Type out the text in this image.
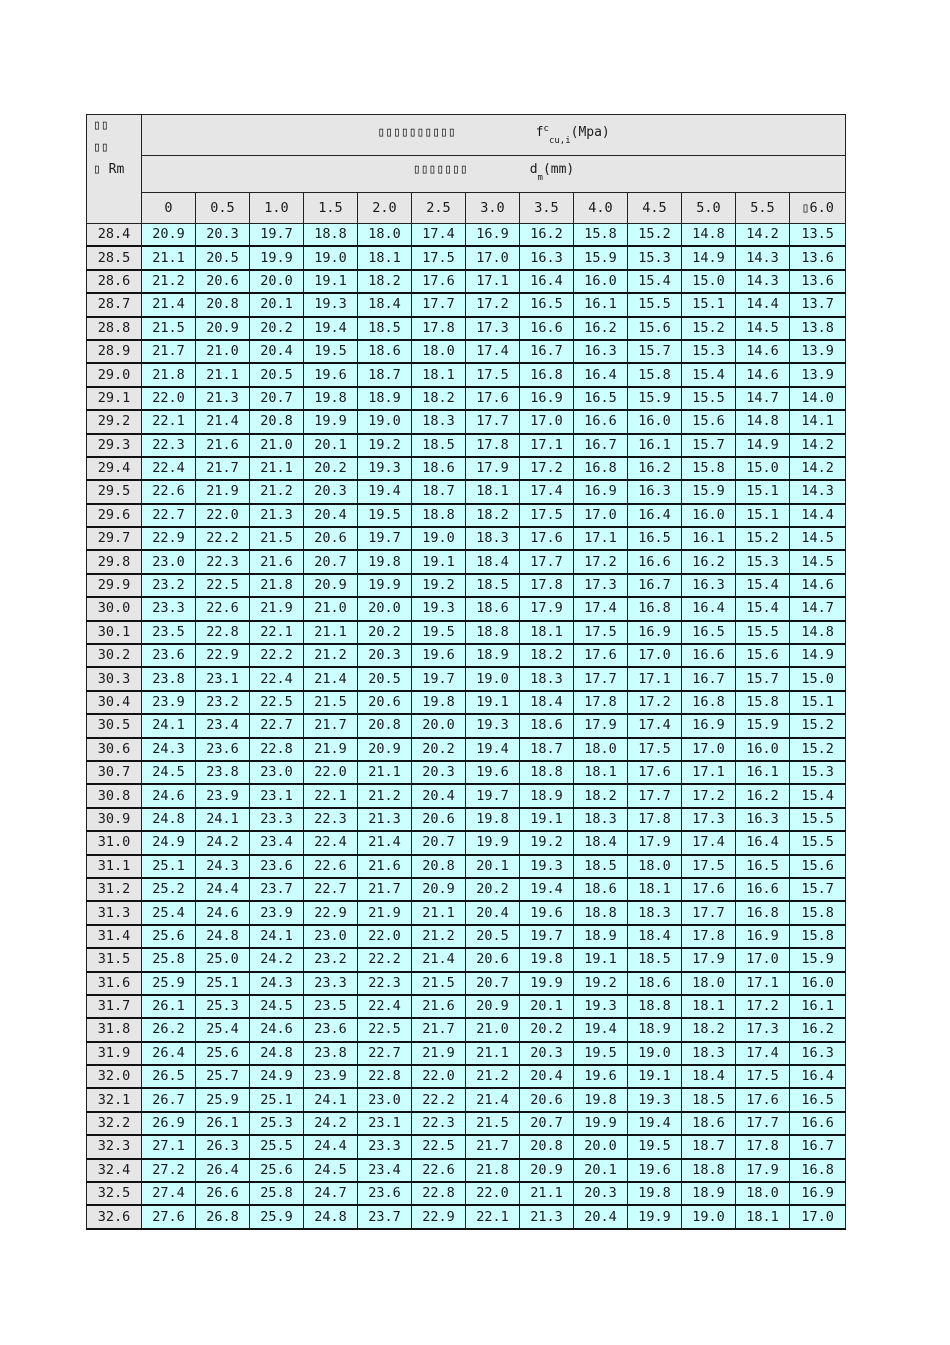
▯▯
▯▯
▯ Rm	▯▯▯▯▯▯▯▯▯▯ $f^c_{cu,i}(Mpa)$												
	▯▯▯▯▯▯▯ $d_m(mm)$												
	0	0.5	1.0	1.5	2.0	2.5	3.0	3.5	4.0	4.5	5.0	5.5	▯6.0
28.4	20.9	20.3	19.7	18.8	18.0	17.4	16.9	16.2	15.8	15.2	14.8	14.2	13.5
28.5	21.1	20.5	19.9	19.0	18.1	17.5	17.0	16.3	15.9	15.3	14.9	14.3	13.6
28.6	21.2	20.6	20.0	19.1	18.2	17.6	17.1	16.4	16.0	15.4	15.0	14.3	13.6
28.7	21.4	20.8	20.1	19.3	18.4	17.7	17.2	16.5	16.1	15.5	15.1	14.4	13.7
28.8	21.5	20.9	20.2	19.4	18.5	17.8	17.3	16.6	16.2	15.6	15.2	14.5	13.8
28.9	21.7	21.0	20.4	19.5	18.6	18.0	17.4	16.7	16.3	15.7	15.3	14.6	13.9
29.0	21.8	21.1	20.5	19.6	18.7	18.1	17.5	16.8	16.4	15.8	15.4	14.6	13.9
29.1	22.0	21.3	20.7	19.8	18.9	18.2	17.6	16.9	16.5	15.9	15.5	14.7	14.0
29.2	22.1	21.4	20.8	19.9	19.0	18.3	17.7	17.0	16.6	16.0	15.6	14.8	14.1
29.3	22.3	21.6	21.0	20.1	19.2	18.5	17.8	17.1	16.7	16.1	15.7	14.9	14.2
29.4	22.4	21.7	21.1	20.2	19.3	18.6	17.9	17.2	16.8	16.2	15.8	15.0	14.2
29.5	22.6	21.9	21.2	20.3	19.4	18.7	18.1	17.4	16.9	16.3	15.9	15.1	14.3
29.6	22.7	22.0	21.3	20.4	19.5	18.8	18.2	17.5	17.0	16.4	16.0	15.1	14.4
29.7	22.9	22.2	21.5	20.6	19.7	19.0	18.3	17.6	17.1	16.5	16.1	15.2	14.5
29.8	23.0	22.3	21.6	20.7	19.8	19.1	18.4	17.7	17.2	16.6	16.2	15.3	14.5
29.9	23.2	22.5	21.8	20.9	19.9	19.2	18.5	17.8	17.3	16.7	16.3	15.4	14.6
30.0	23.3	22.6	21.9	21.0	20.0	19.3	18.6	17.9	17.4	16.8	16.4	15.4	14.7
30.1	23.5	22.8	22.1	21.1	20.2	19.5	18.8	18.1	17.5	16.9	16.5	15.5	14.8
30.2	23.6	22.9	22.2	21.2	20.3	19.6	18.9	18.2	17.6	17.0	16.6	15.6	14.9
30.3	23.8	23.1	22.4	21.4	20.5	19.7	19.0	18.3	17.7	17.1	16.7	15.7	15.0
30.4	23.9	23.2	22.5	21.5	20.6	19.8	19.1	18.4	17.8	17.2	16.8	15.8	15.1
30.5	24.1	23.4	22.7	21.7	20.8	20.0	19.3	18.6	17.9	17.4	16.9	15.9	15.2
30.6	24.3	23.6	22.8	21.9	20.9	20.2	19.4	18.7	18.0	17.5	17.0	16.0	15.2
30.7	24.5	23.8	23.0	22.0	21.1	20.3	19.6	18.8	18.1	17.6	17.1	16.1	15.3
30.8	24.6	23.9	23.1	22.1	21.2	20.4	19.7	18.9	18.2	17.7	17.2	16.2	15.4
30.9	24.8	24.1	23.3	22.3	21.3	20.6	19.8	19.1	18.3	17.8	17.3	16.3	15.5
31.0	24.9	24.2	23.4	22.4	21.4	20.7	19.9	19.2	18.4	17.9	17.4	16.4	15.5
31.1	25.1	24.3	23.6	22.6	21.6	20.8	20.1	19.3	18.5	18.0	17.5	16.5	15.6
31.2	25.2	24.4	23.7	22.7	21.7	20.9	20.2	19.4	18.6	18.1	17.6	16.6	15.7
31.3	25.4	24.6	23.9	22.9	21.9	21.1	20.4	19.6	18.8	18.3	17.7	16.8	15.8
31.4	25.6	24.8	24.1	23.0	22.0	21.2	20.5	19.7	18.9	18.4	17.8	16.9	15.8
31.5	25.8	25.0	24.2	23.2	22.2	21.4	20.6	19.8	19.1	18.5	17.9	17.0	15.9
31.6	25.9	25.1	24.3	23.3	22.3	21.5	20.7	19.9	19.2	18.6	18.0	17.1	16.0
31.7	26.1	25.3	24.5	23.5	22.4	21.6	20.9	20.1	19.3	18.8	18.1	17.2	16.1
31.8	26.2	25.4	24.6	23.6	22.5	21.7	21.0	20.2	19.4	18.9	18.2	17.3	16.2
31.9	26.4	25.6	24.8	23.8	22.7	21.9	21.1	20.3	19.5	19.0	18.3	17.4	16.3
32.0	26.5	25.7	24.9	23.9	22.8	22.0	21.2	20.4	19.6	19.1	18.4	17.5	16.4
32.1	26.7	25.9	25.1	24.1	23.0	22.2	21.4	20.6	19.8	19.3	18.5	17.6	16.5
32.2	26.9	26.1	25.3	24.2	23.1	22.3	21.5	20.7	19.9	19.4	18.6	17.7	16.6
32.3	27.1	26.3	25.5	24.4	23.3	22.5	21.7	20.8	20.0	19.5	18.7	17.8	16.7
32.4	27.2	26.4	25.6	24.5	23.4	22.6	21.8	20.9	20.1	19.6	18.8	17.9	16.8
32.5	27.4	26.6	25.8	24.7	23.6	22.8	22.0	21.1	20.3	19.8	18.9	18.0	16.9
32.6	27.6	26.8	25.9	24.8	23.7	22.9	22.1	21.3	20.4	19.9	19.0	18.1	17.0
